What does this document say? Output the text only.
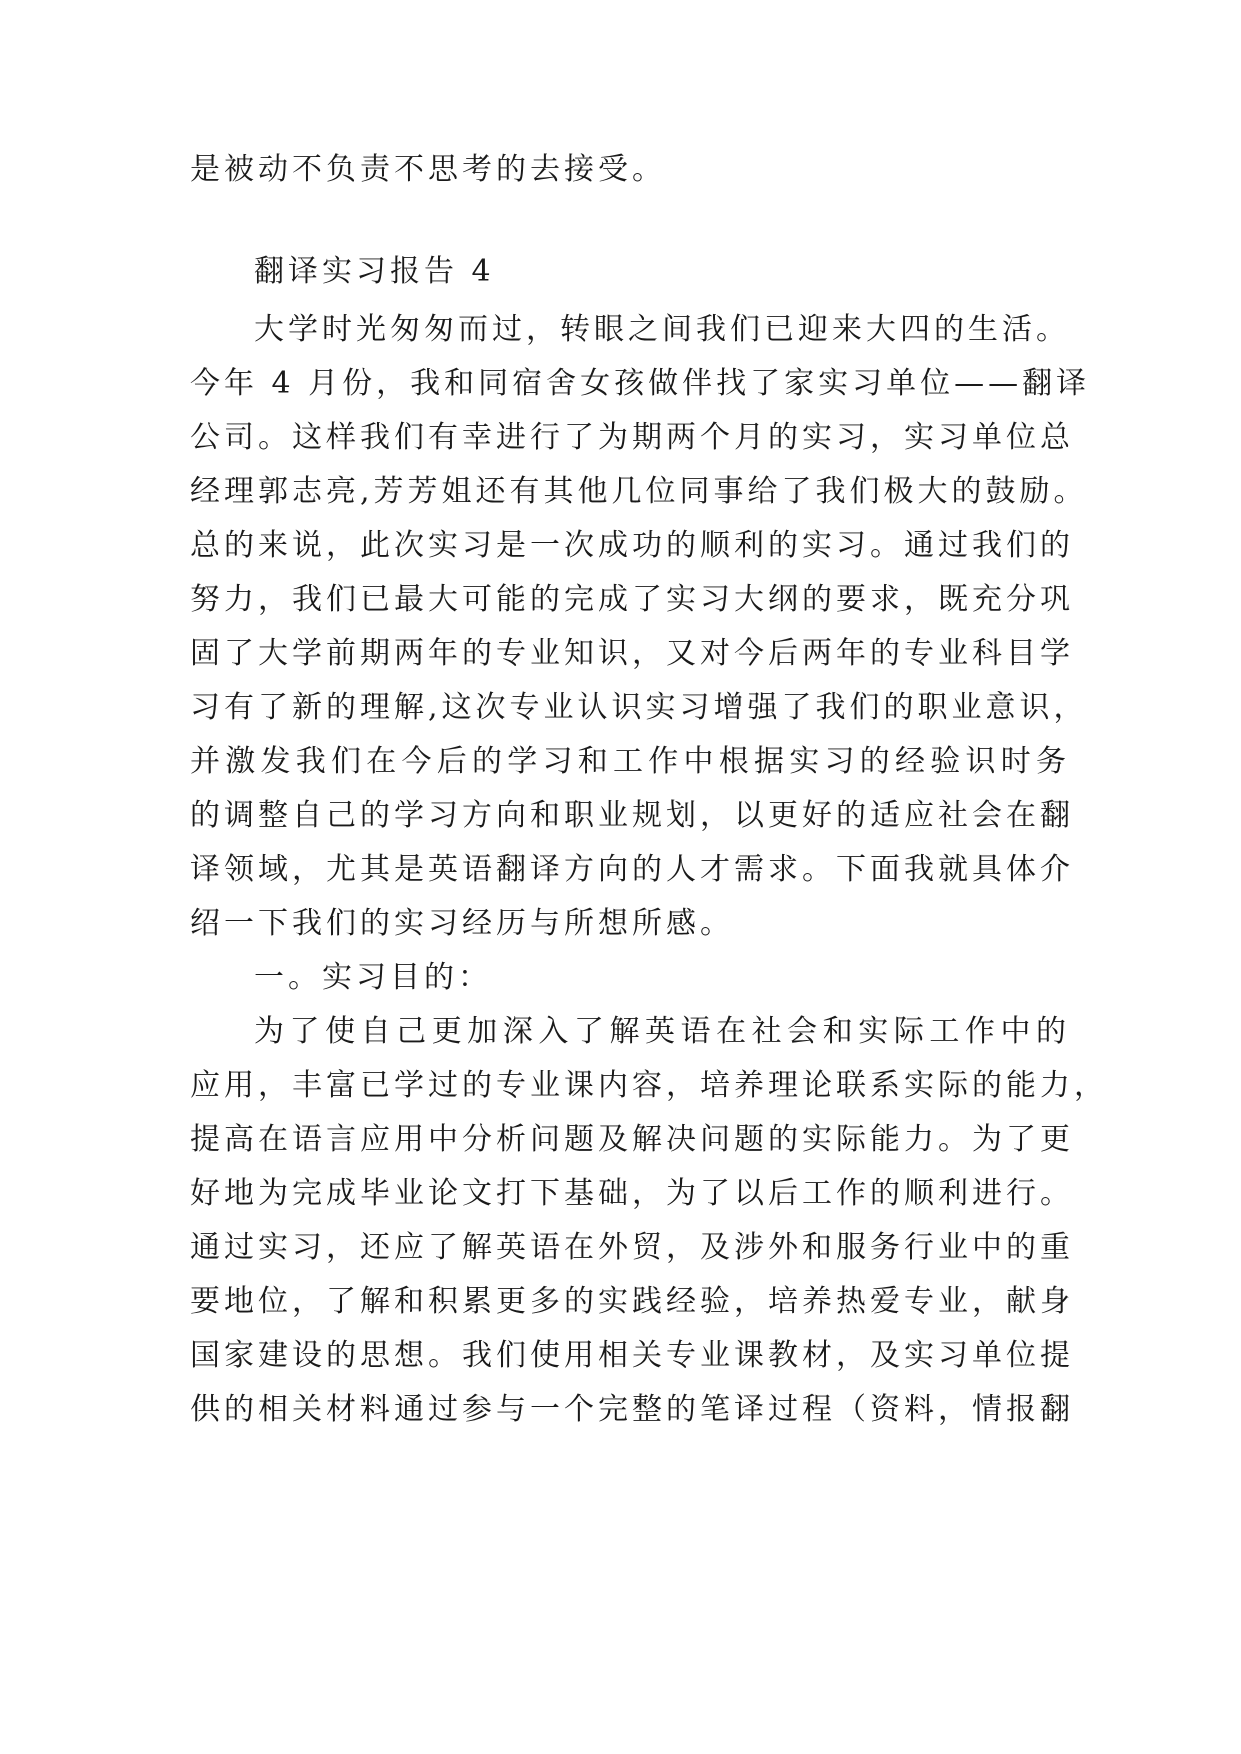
是被动不负责不思考的去接受。
翻译实习报告 4
大学时光匆匆而过，转眼之间我们已迎来大四的生活。
今年 4 月份，我和同宿舍女孩做伴找了家实习单位——翻译
公司。这样我们有幸进行了为期两个月的实习，实习单位总
经理郭志亮,芳芳姐还有其他几位同事给了我们极大的鼓励。
总的来说，此次实习是一次成功的顺利的实习。通过我们的
努力，我们已最大可能的完成了实习大纲的要求，既充分巩
固了大学前期两年的专业知识，又对今后两年的专业科目学
习有了新的理解,这次专业认识实习增强了我们的职业意识，
并激发我们在今后的学习和工作中根据实习的经验识时务
的调整自己的学习方向和职业规划，以更好的适应社会在翻
译领域，尤其是英语翻译方向的人才需求。下面我就具体介
绍一下我们的实习经历与所想所感。
一。实习目的：
为了使自己更加深入了解英语在社会和实际工作中的
应用，丰富已学过的专业课内容，培养理论联系实际的能力，
提高在语言应用中分析问题及解决问题的实际能力。为了更
好地为完成毕业论文打下基础，为了以后工作的顺利进行。
通过实习，还应了解英语在外贸，及涉外和服务行业中的重
要地位，了解和积累更多的实践经验，培养热爱专业，献身
国家建设的思想。我们使用相关专业课教材，及实习单位提
供的相关材料通过参与一个完整的笔译过程（资料，情报翻
